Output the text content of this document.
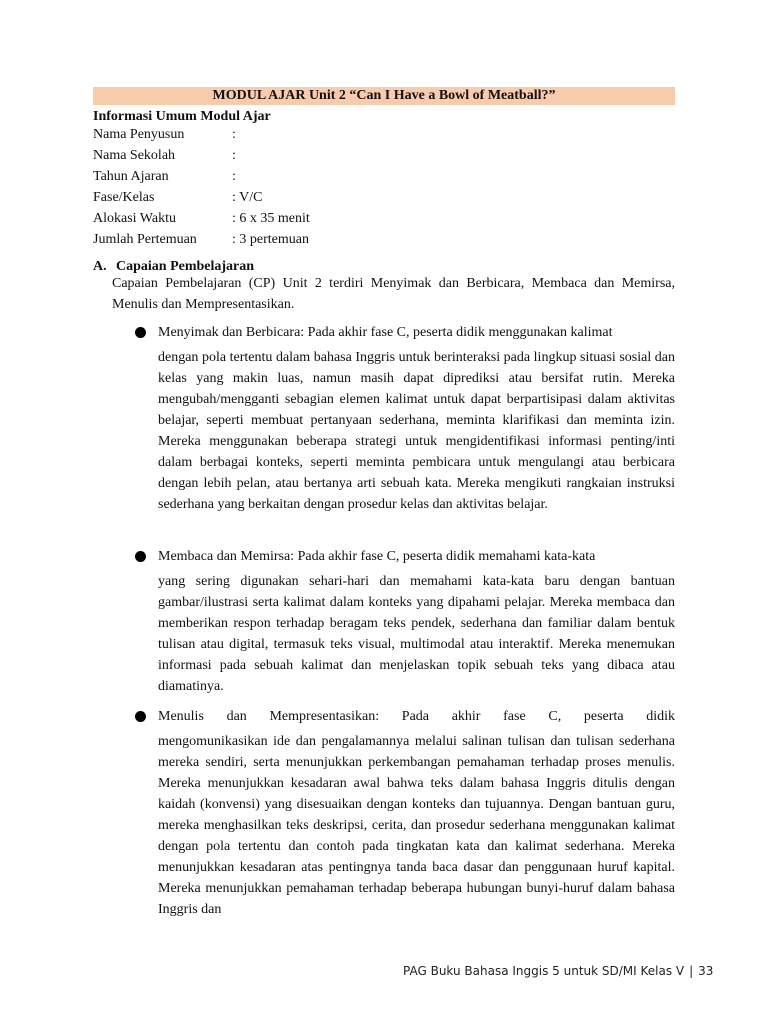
MODUL AJAR Unit 2 “Can I Have a Bowl of Meatball?”
Informasi Umum Modul Ajar
Nama Penyusun	:
Nama Sekolah	:
Tahun Ajaran	:
Fase/Kelas	: V/C
Alokasi Waktu	: 6 x 35 menit
Jumlah Pertemuan	: 3 pertemuan
A. Capaian Pembelajaran
Capaian Pembelajaran (CP) Unit 2 terdiri Menyimak dan Berbicara, Membaca dan Memirsa, Menulis dan Mempresentasikan.
Menyimak dan Berbicara: Pada akhir fase C, peserta didik menggunakan kalimat
dengan pola tertentu dalam bahasa Inggris untuk berinteraksi pada lingkup situasi sosial dan kelas yang makin luas, namun masih dapat diprediksi atau bersifat rutin. Mereka mengubah/mengganti sebagian elemen kalimat untuk dapat berpartisipasi dalam aktivitas belajar, seperti membuat pertanyaan sederhana, meminta klarifikasi dan meminta izin. Mereka menggunakan beberapa strategi untuk mengidentifikasi informasi penting/inti dalam berbagai konteks, seperti meminta pembicara untuk mengulangi atau berbicara dengan lebih pelan, atau bertanya arti sebuah kata. Mereka mengikuti rangkaian instruksi sederhana yang berkaitan dengan prosedur kelas dan aktivitas belajar.
Membaca dan Memirsa: Pada akhir fase C, peserta didik memahami kata-kata
yang sering digunakan sehari-hari dan memahami kata-kata baru dengan bantuan gambar/ilustrasi serta kalimat dalam konteks yang dipahami pelajar. Mereka membaca dan memberikan respon terhadap beragam teks pendek, sederhana dan familiar dalam bentuk tulisan atau digital, termasuk teks visual, multimodal atau interaktif. Mereka menemukan informasi pada sebuah kalimat dan menjelaskan topik sebuah teks yang dibaca atau diamatinya.
Menulis dan Mempresentasikan: Pada akhir fase C, peserta didik
mengomunikasikan ide dan pengalamannya melalui salinan tulisan dan tulisan sederhana mereka sendiri, serta menunjukkan perkembangan pemahaman terhadap proses menulis. Mereka menunjukkan kesadaran awal bahwa teks dalam bahasa Inggris ditulis dengan kaidah (konvensi) yang disesuaikan dengan konteks dan tujuannya. Dengan bantuan guru, mereka menghasilkan teks deskripsi, cerita, dan prosedur sederhana menggunakan kalimat dengan pola tertentu dan contoh pada tingkatan kata dan kalimat sederhana. Mereka menunjukkan kesadaran atas pentingnya tanda baca dasar dan penggunaan huruf kapital. Mereka menunjukkan pemahaman terhadap beberapa hubungan bunyi-huruf dalam bahasa Inggris dan
PAG Buku Bahasa Inggis 5 untuk SD/MI Kelas V | 33
